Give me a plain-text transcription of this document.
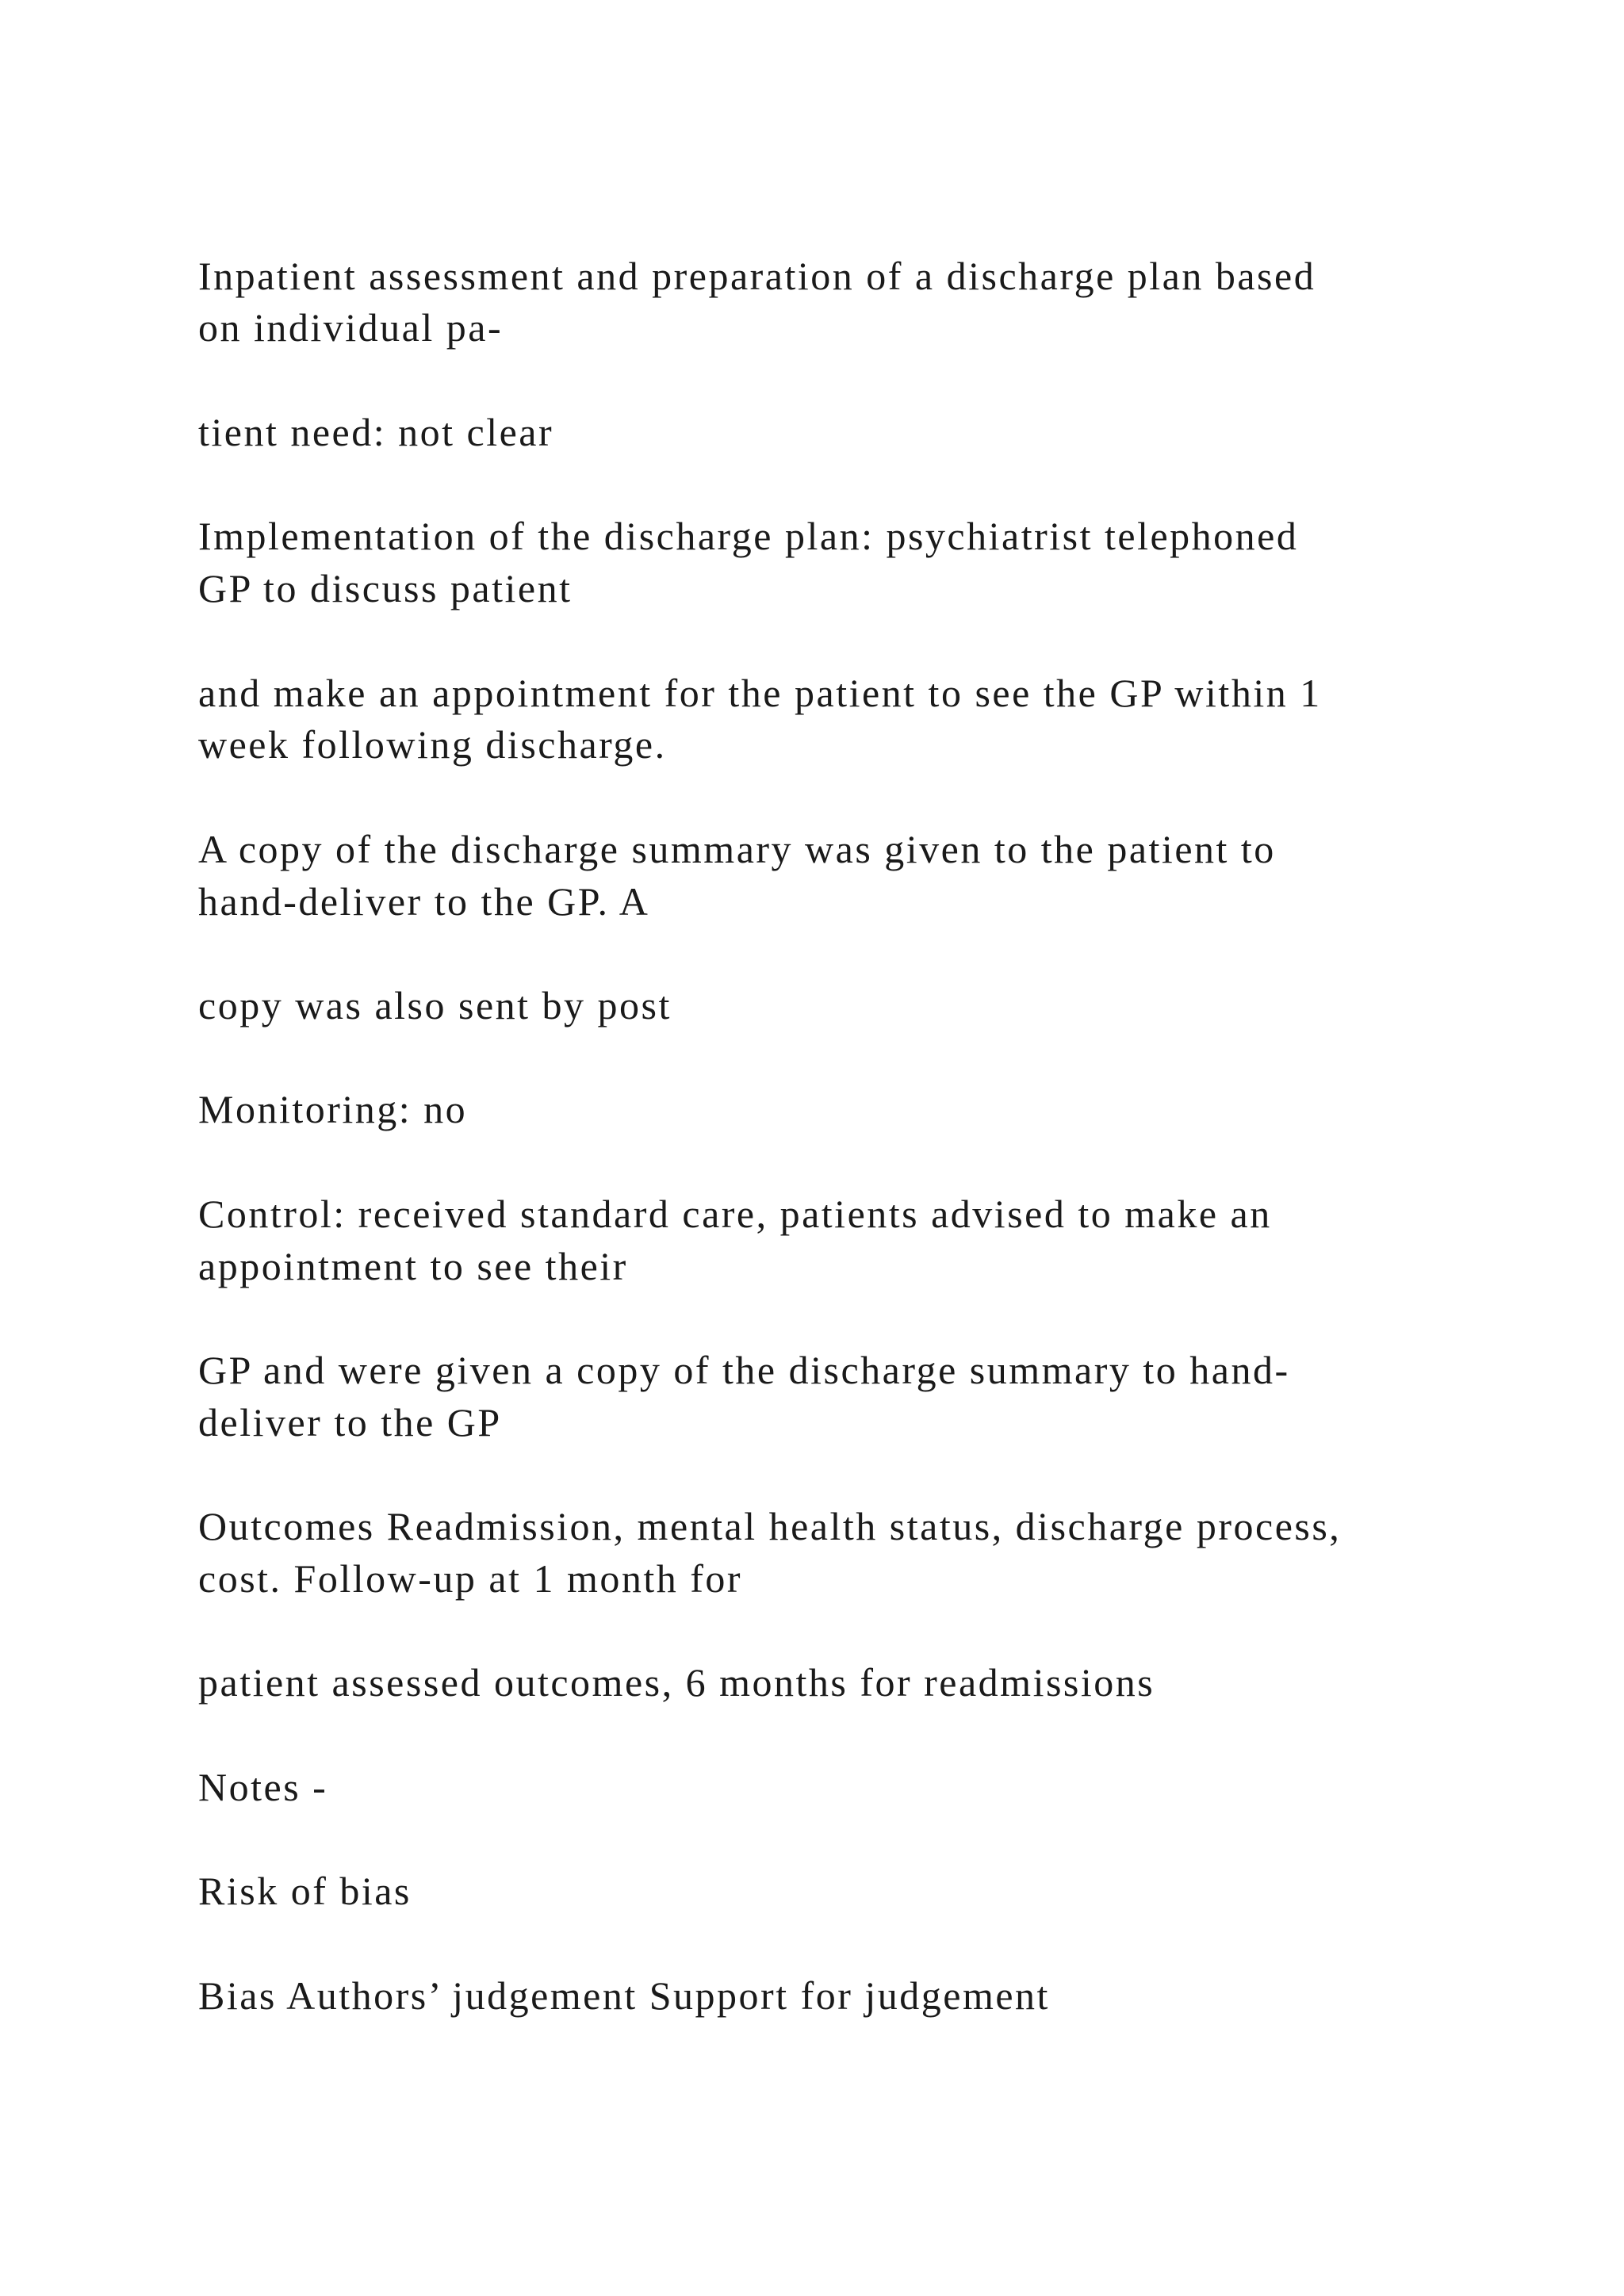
Inpatient assessment and preparation of a discharge plan based

on individual pa-

tient need: not clear

Implementation of the discharge plan: psychiatrist telephoned

GP to discuss patient

and make an appointment for the patient to see the GP within 1

week following discharge.

A copy of the discharge summary was given to the patient to

hand-deliver to the GP. A

copy was also sent by post

Monitoring: no

Control: received standard care, patients advised to make an

appointment to see their

GP and were given a copy of the discharge summary to hand-

deliver to the GP

Outcomes Readmission, mental health status, discharge process,

cost. Follow-up at 1 month for

patient assessed outcomes, 6 months for readmissions

Notes -

Risk of bias

Bias Authors’ judgement Support for judgement
